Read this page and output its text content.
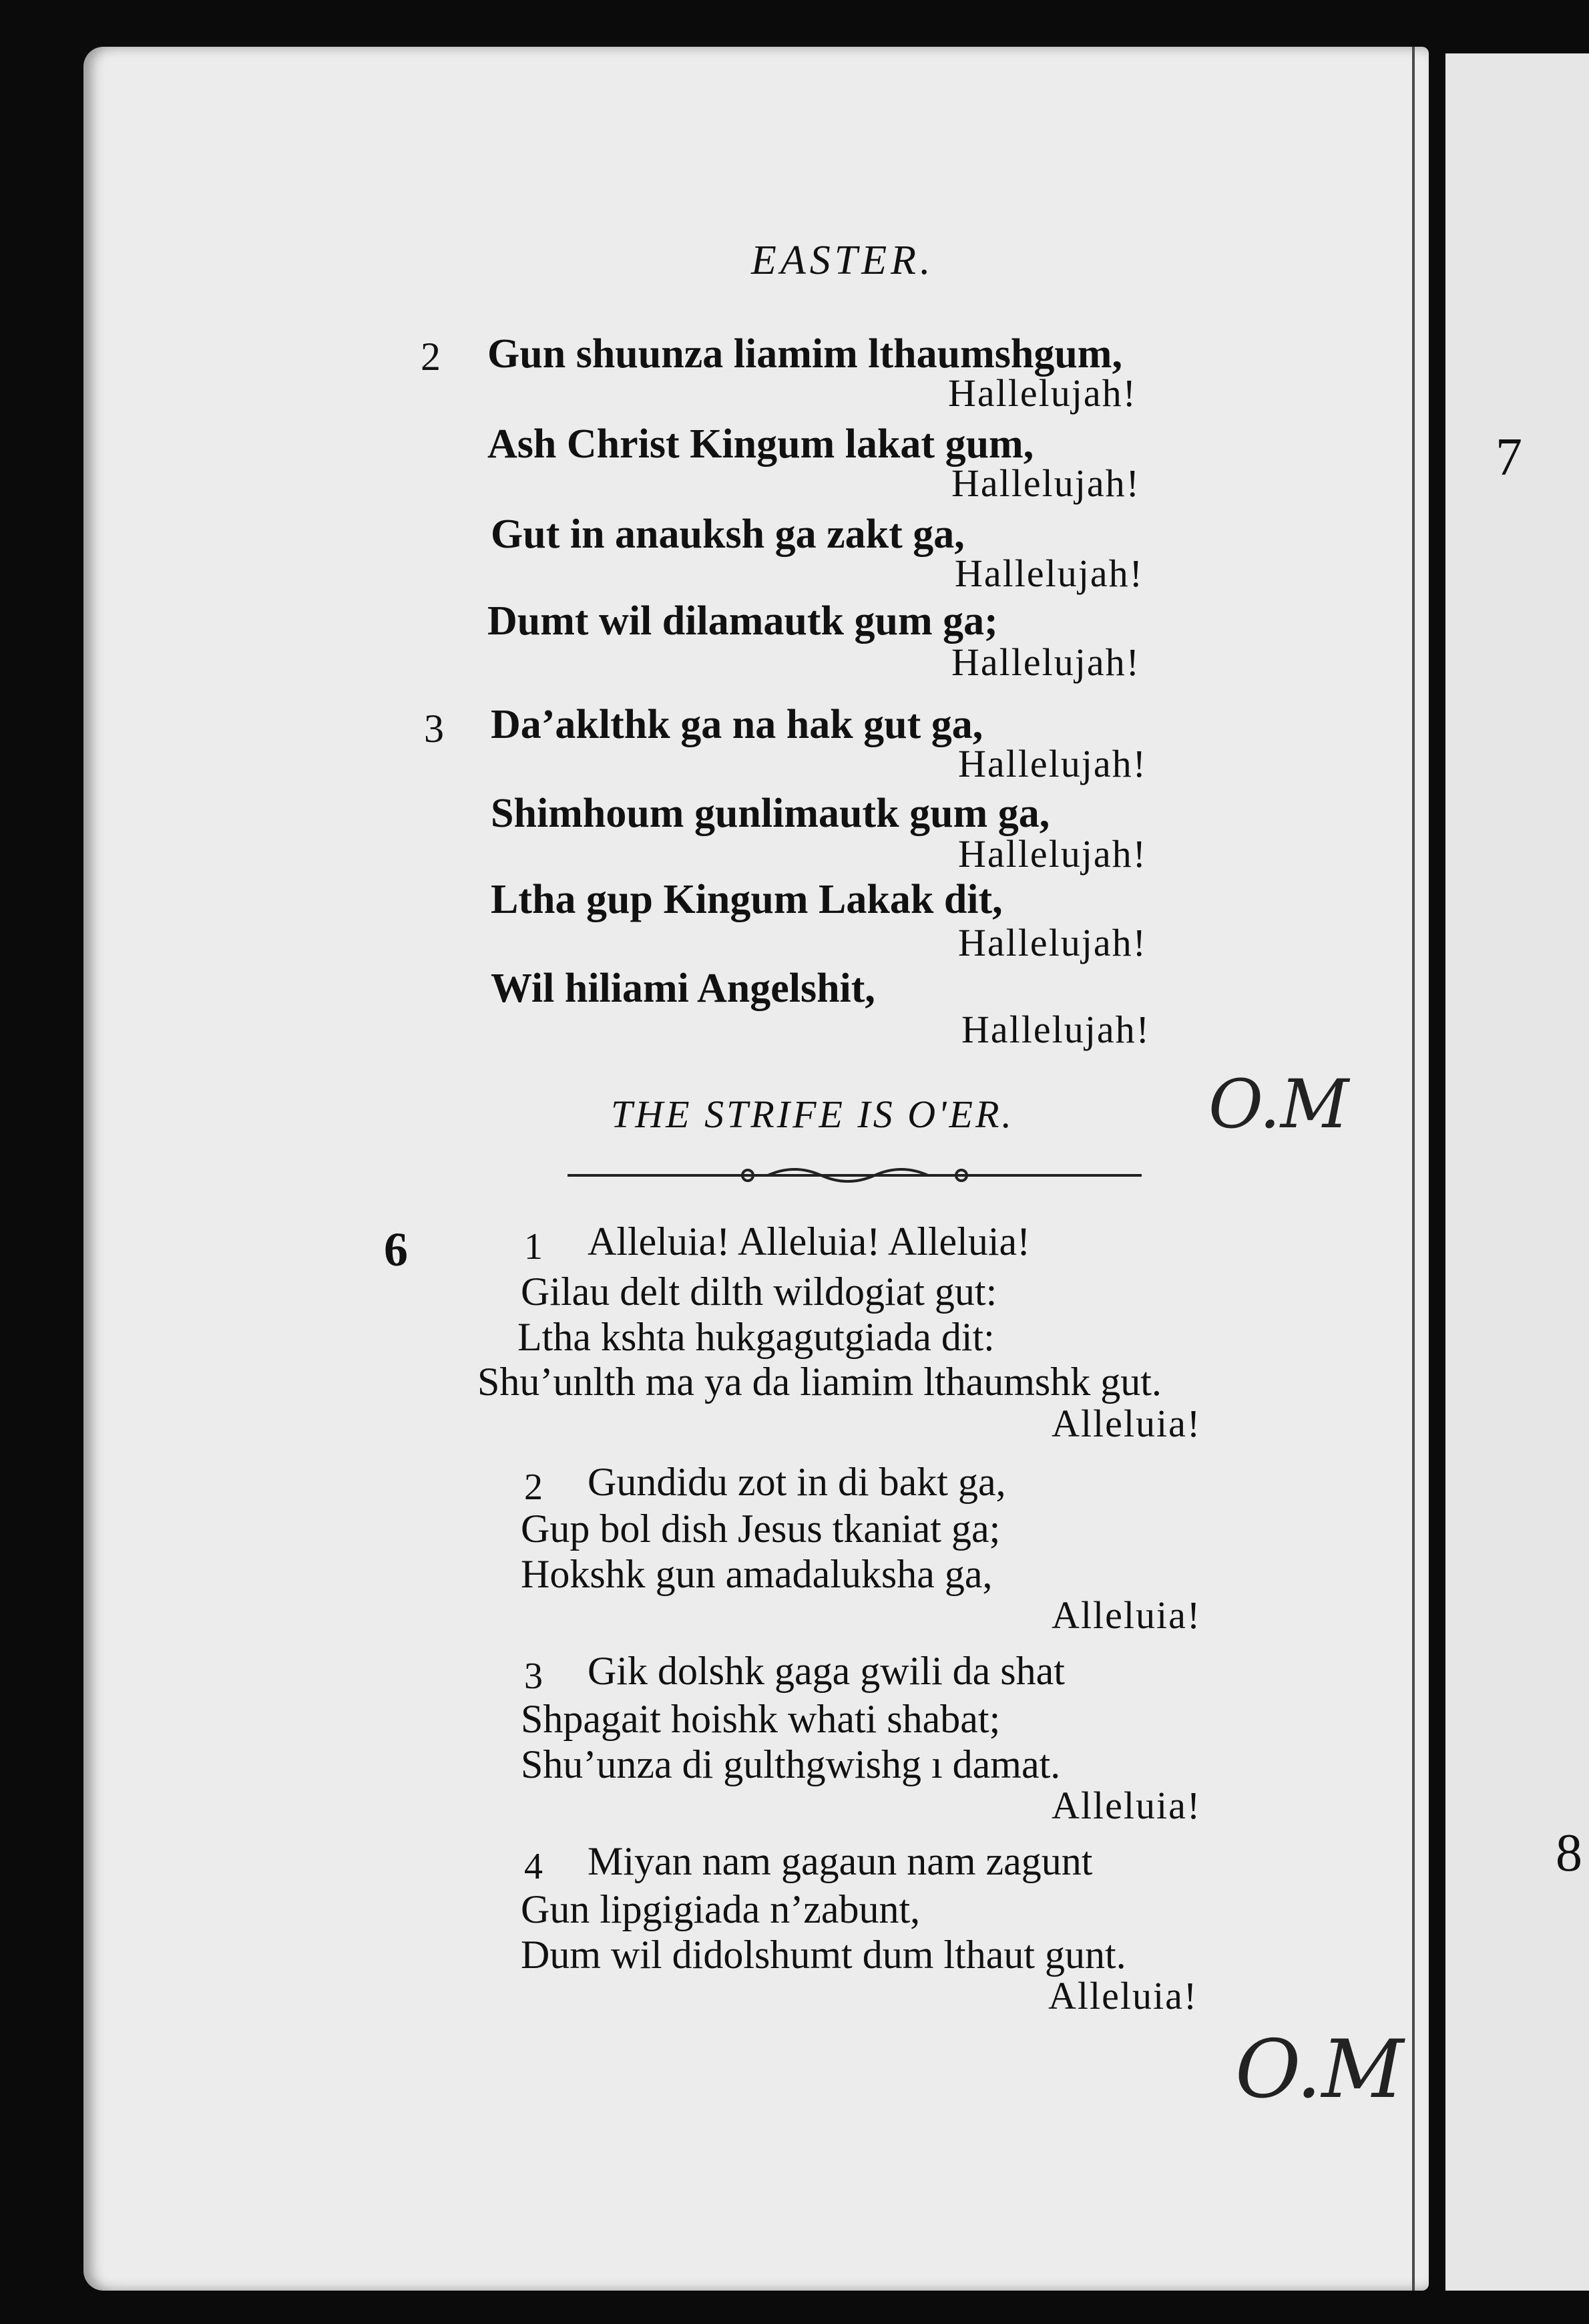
EASTER.
2 Gun shuunza liamim lthaumshgum,
Hallelujah!
Ash Christ Kingum lakat gum,
Hallelujah!
Gut in anauksh ga zakt ga,
Hallelujah!
Dumt wil dilamautk gum ga;
Hallelujah!
3 Da’aklthk ga na hak gut ga,
Hallelujah!
Shimhoum gunlimautk gum ga,
Hallelujah!
Ltha gup Kingum Lakak dit,
Hallelujah!
Wil hiliami Angelshit,
Hallelujah!
THE STRIFE IS O'ER.
6	1 Alleluia! Alleluia! Alleluia!
Gilau delt dilth wildogiat gut:
Ltha kshta hukgagutgiada dit:
Shu’unlth ma ya da liamim lthaumshk gut.
Alleluia!
2 Gundidu zot in di bakt ga,
Gup bol dish Jesus tkaniat ga;
Hokshk gun amadaluksha ga,
Alleluia!
3 Gik dolshk gaga gwili da shat
Shpagait hoishk whati shabat;
Shu’unza di gulthgwishg ı damat.
Alleluia!
4 Miyan nam gagaun nam zagunt
Gun lipgigiada n’zabunt,
Dum wil didolshumt dum lthaut gunt.
Alleluia!
7
8
O.M
O.M
